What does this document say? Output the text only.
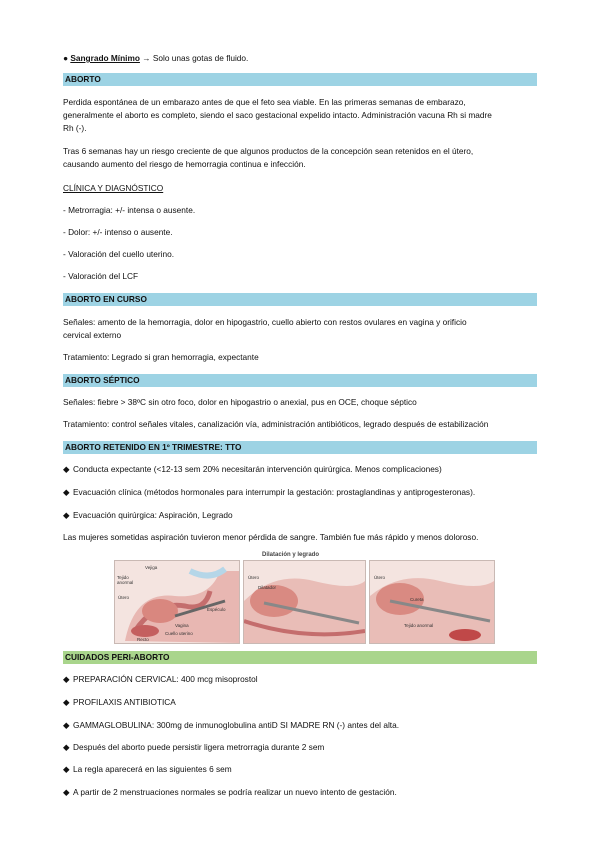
● Sangrado Mínimo → Solo unas gotas de fluido.
ABORTO
Perdida espontánea de un embarazo antes de que el feto sea viable. En las primeras semanas de embarazo,
generalmente el aborto es completo, siendo el saco gestacional expelido intacto. Administración vacuna Rh si madre
Rh (-).
Tras 6 semanas hay un riesgo creciente de que algunos productos de la concepción sean retenidos en el útero,
causando aumento del riesgo de hemorragia continua e infección.
CLÍNICA Y DIAGNÓSTICO
- Metrorragia: +/- intensa o ausente.
- Dolor: +/- intenso o ausente.
- Valoración del cuello uterino.
- Valoración del LCF
ABORTO EN CURSO
Señales: amento de la hemorragia, dolor en hipogastrio, cuello abierto con restos ovulares en vagina y orificio
cervical externo
Tratamiento: Legrado si gran hemorragia, expectante
ABORTO SÉPTICO
Señales: fiebre > 38ºC sin otro foco, dolor en hipogastrio o anexial, pus en OCE, choque séptico
Tratamiento: control señales vitales, canalización vía, administración antibióticos, legrado después de estabilización
ABORTO RETENIDO EN 1º TRIMESTRE: TTO
◆ Conducta expectante (<12-13 sem 20% necesitarán intervención quirúrgica. Menos complicaciones)
◆ Evacuación clínica (métodos hormonales para interrumpir la gestación: prostaglandinas y antiprogesteronas).
◆ Evacuación quirúrgica: Aspiración, Legrado
Las mujeres sometidas aspiración tuvieron menor pérdida de sangre. También fue más rápido y menos doloroso.
Dilatación y legrado
Vejiga
Tejido anormal
Útero
Espéculo
Vagina
Cuello uterino
Recto
Útero
Dilatador
Útero
Cureta
Tejido anormal
CUIDADOS PERI-ABORTO
◆ PREPARACIÓN CERVICAL: 400 mcg misoprostol
◆ PROFILAXIS ANTIBIOTICA
◆ GAMMAGLOBULINA: 300mg de inmunoglobulina antiD SI MADRE RN (-) antes del alta.
◆ Después del aborto puede persistir ligera metrorragia durante 2 sem
◆ La regla aparecerá en las siguientes 6 sem
◆ A partir de 2 menstruaciones normales se podría realizar un nuevo intento de gestación.
